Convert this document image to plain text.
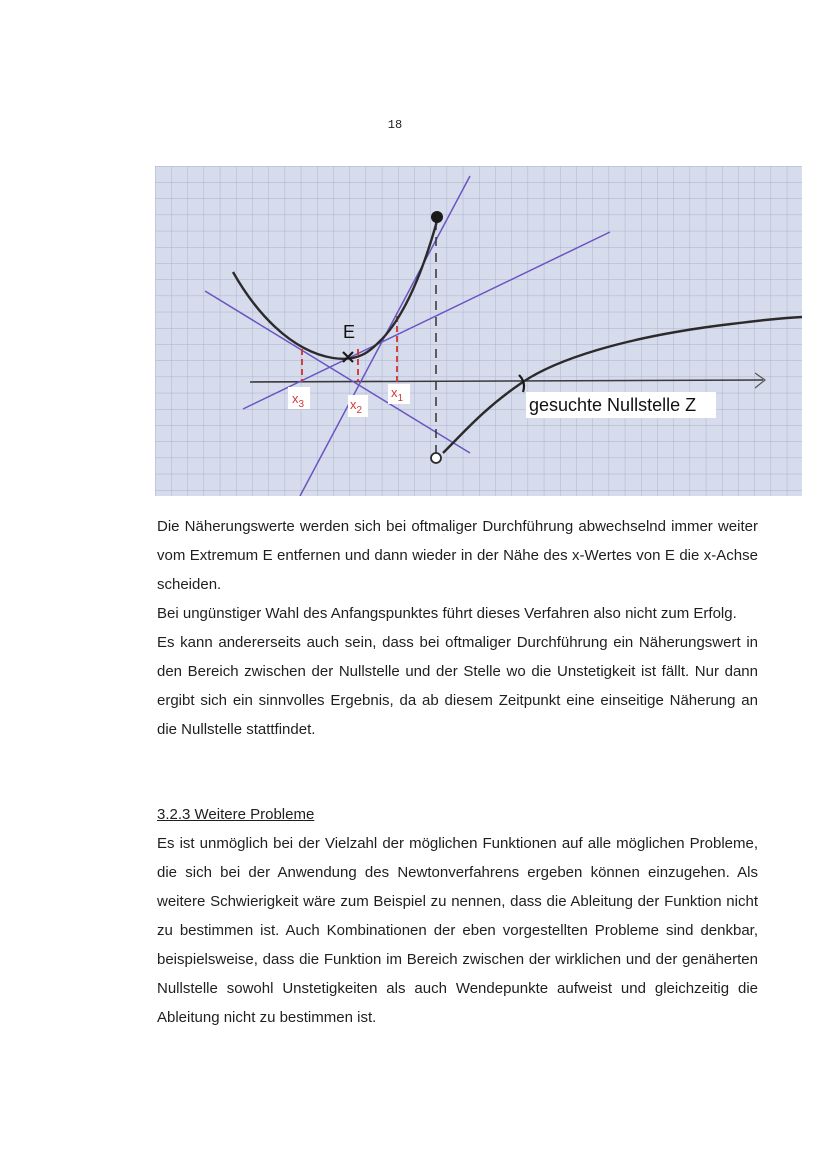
18
E
$x_3$	$x_2$
$x_1$	gesuchte Nullstelle Z

Die Näherungswerte werden sich bei oftmaliger Durchführung abwechselnd immer weiter vom Extremum E entfernen und dann wieder in der Nähe des x-Wertes von E die x-Achse scheiden.

Bei ungünstiger Wahl des Anfangspunktes führt dieses Verfahren also nicht zum Erfolg.

Es kann andererseits auch sein, dass bei oftmaliger Durchführung ein Näherungswert in den Bereich zwischen der Nullstelle und der Stelle wo die Unstetigkeit ist fällt. Nur dann ergibt sich ein sinnvolles Ergebnis, da ab diesem Zeitpunkt eine einseitige Näherung an die Nullstelle stattfindet.

3.2.3 Weitere Probleme

Es ist unmöglich bei der Vielzahl der möglichen Funktionen auf alle möglichen Probleme, die sich bei der Anwendung des Newtonverfahrens ergeben können einzugehen. Als weitere Schwierigkeit wäre zum Beispiel zu nennen, dass die Ableitung der Funktion nicht zu bestimmen ist. Auch Kombinationen der eben vorgestellten Probleme sind denkbar, beispielsweise, dass die Funktion im Bereich zwischen der wirklichen und der genäherten Nullstelle sowohl Unstetigkeiten als auch Wendepunkte aufweist und gleichzeitig die Ableitung nicht zu bestimmen ist.
